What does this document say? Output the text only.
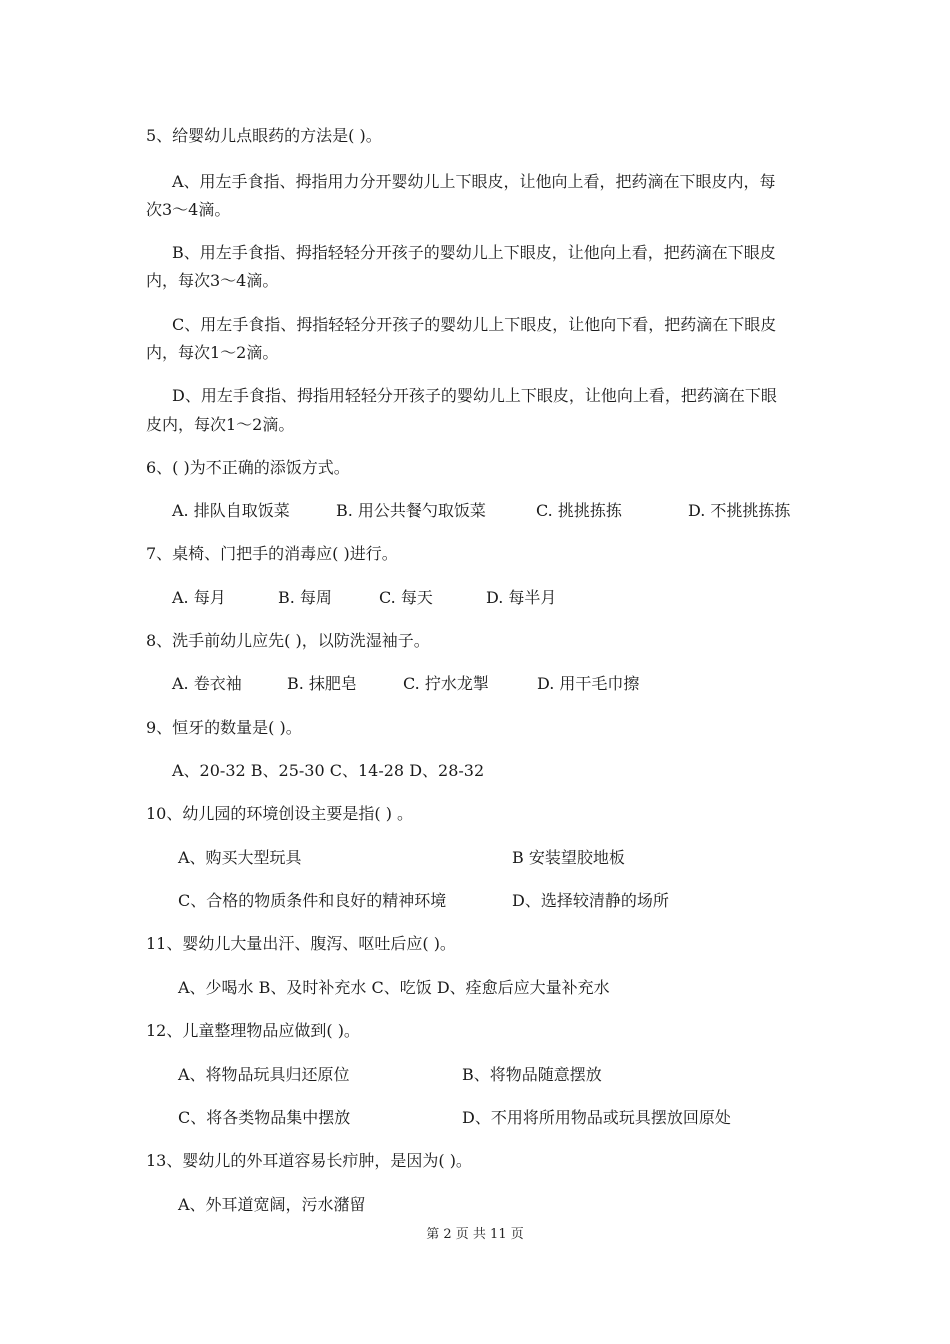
5、给婴幼儿点眼药的方法是( )。
A、用左手食指、拇指用力分开婴幼儿上下眼皮，让他向上看，把药滴在下眼皮内，每
次3～4滴。
B、用左手食指、拇指轻轻分开孩子的婴幼儿上下眼皮，让他向上看，把药滴在下眼皮
内，每次3～4滴。
C、用左手食指、拇指轻轻分开孩子的婴幼儿上下眼皮，让他向下看，把药滴在下眼皮
内，每次1～2滴。
D、用左手食指、拇指用轻轻分开孩子的婴幼儿上下眼皮，让他向上看，把药滴在下眼
皮内，每次1～2滴。
6、( )为不正确的添饭方式。
A. 排队自取饭菜	B. 用公共餐勺取饭菜	C. 挑挑拣拣	D. 不挑挑拣拣
7、桌椅、门把手的消毒应( )进行。
A. 每月	B. 每周	C. 每天	D. 每半月
8、洗手前幼儿应先( )，以防洗湿袖子。
A. 卷衣袖	B. 抹肥皂	C. 拧水龙掣	D. 用干毛巾擦
9、恒牙的数量是( )。
A、20-32 B、25-30 C、14-28 D、28-32
10、幼儿园的环境创设主要是指( ) 。
A、购买大型玩具	B 安装望胶地板
C、合格的物质条件和良好的精神环境	D、选择较清静的场所
11、婴幼儿大量出汗、腹泻、呕吐后应( )。
A、少喝水 B、及时补充水 C、吃饭 D、痊愈后应大量补充水
12、儿童整理物品应做到( )。
A、将物品玩具归还原位	B、将物品随意摆放
C、将各类物品集中摆放	D、不用将所用物品或玩具摆放回原处
13、婴幼儿的外耳道容易长疖肿，是因为( )。
A、外耳道宽阔，污水潴留
第 2 页 共 11 页
